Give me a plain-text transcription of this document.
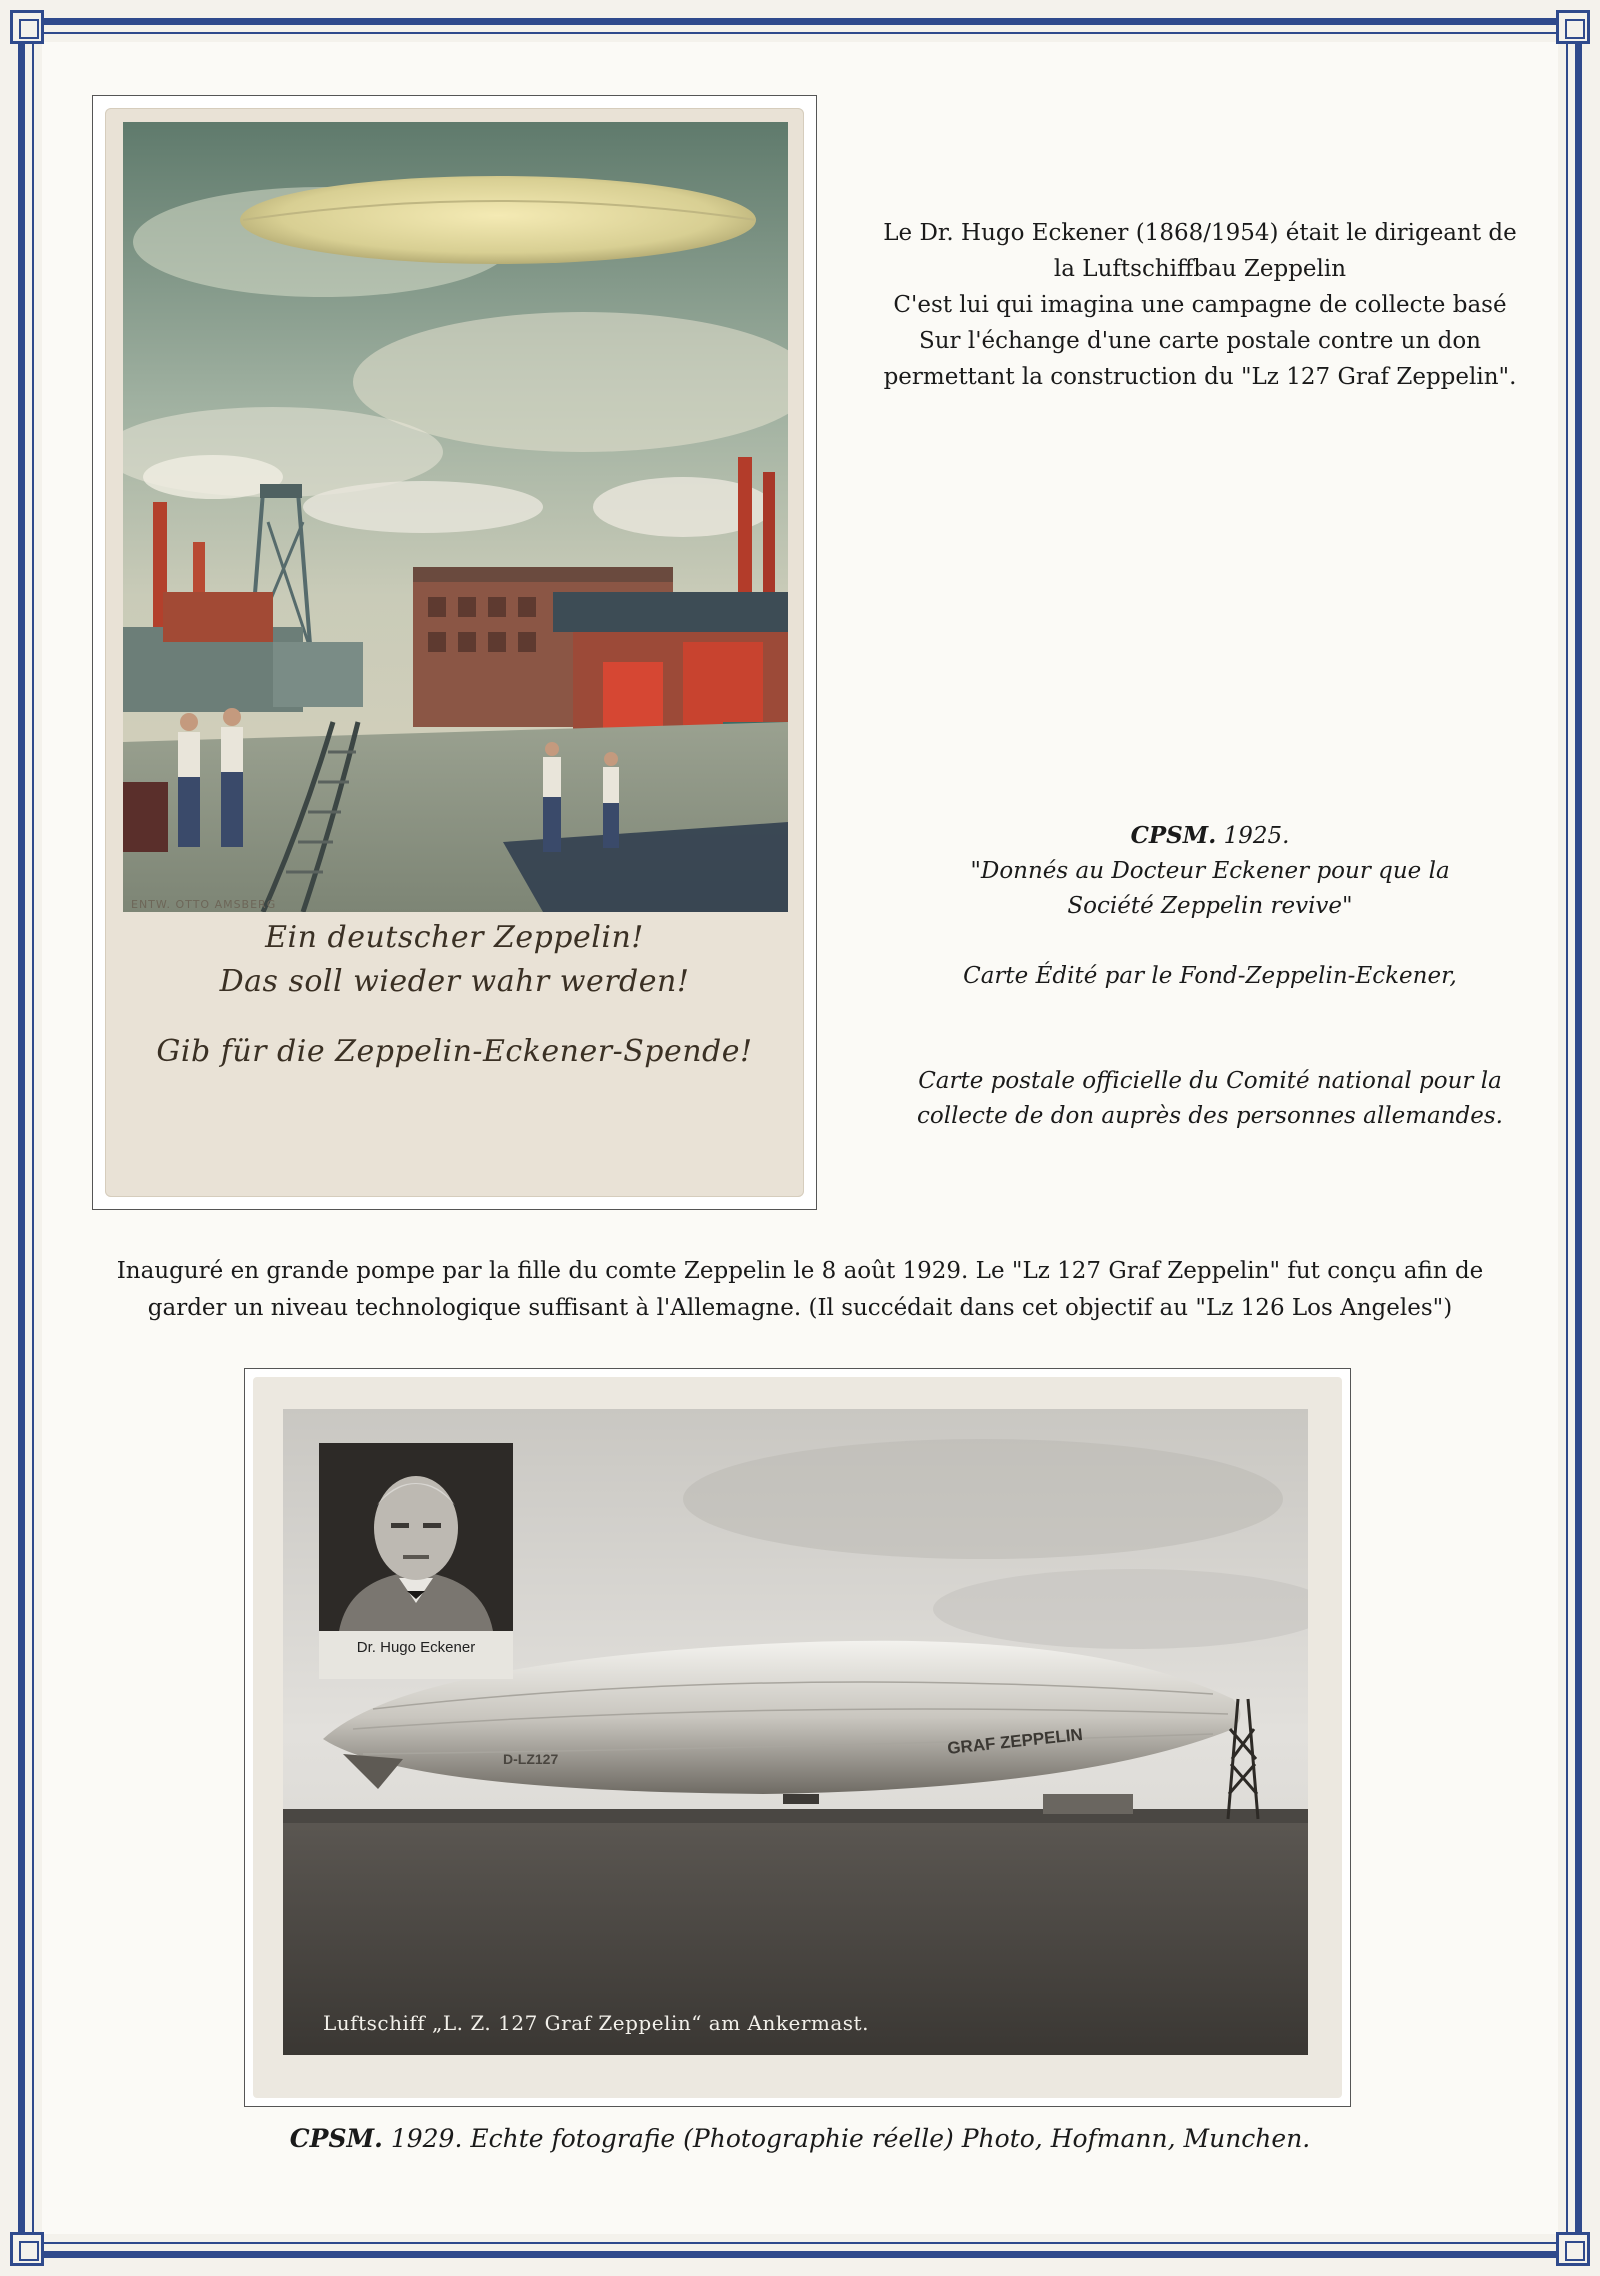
ENTW. OTTO AMSBERG
Ein deutscher Zeppelin!
Das soll wieder wahr werden!
Gib für die Zeppelin-Eckener-Spende!
Le Dr. Hugo Eckener (1868/1954) était le dirigeant de
la Luftschiffbau Zeppelin
C'est lui qui imagina une campagne de collecte basé
Sur l'échange d'une carte postale contre un don
permettant la construction du "Lz 127 Graf Zeppelin".
CPSM. 1925.
"Donnés au Docteur Eckener pour que la
Société Zeppelin revive"
Carte Édité par le Fond-Zeppelin-Eckener,
Carte postale officielle du Comité national pour la
collecte de don auprès des personnes allemandes.
Inauguré en grande pompe par la fille du comte Zeppelin le 8 août 1929. Le "Lz 127 Graf Zeppelin" fut conçu afin de
garder un niveau technologique suffisant à l'Allemagne. (Il succédait dans cet objectif au "Lz 126 Los Angeles")
GRAF ZEPPELIN
D-LZ127
Dr. Hugo Eckener
Luftschiff „L. Z. 127 Graf Zeppelin“ am Ankermast.
CPSM. 1929. Echte fotografie (Photographie réelle) Photo, Hofmann, Munchen.
